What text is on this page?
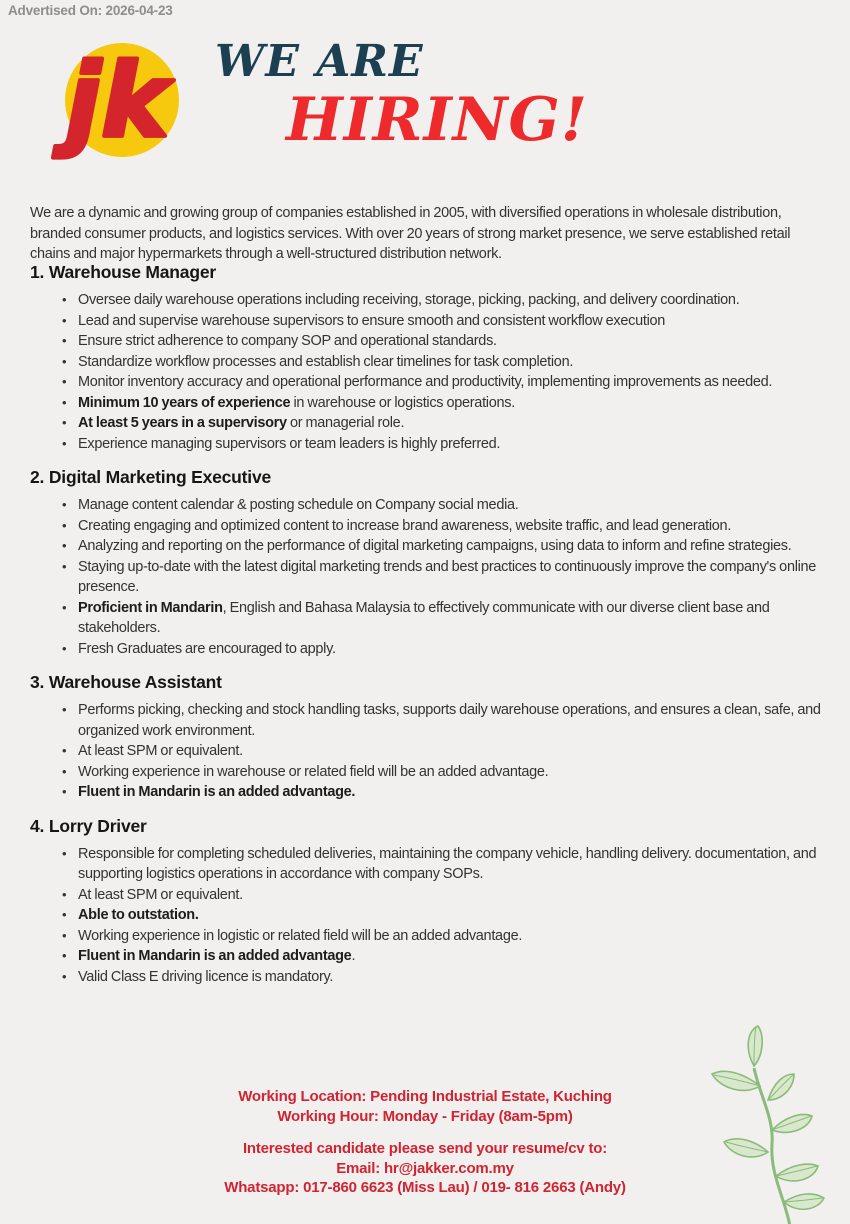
Advertised On: 2026-04-23
jk WE ARE
HIRING!

We are a dynamic and growing group of companies established in 2005, with diversified operations in wholesale distribution, branded consumer products, and logistics services. With over 20 years of strong market presence, we serve established retail chains and major hypermarkets through a well-structured distribution network.

1. Warehouse Manager
• Oversee daily warehouse operations including receiving, storage, picking, packing, and delivery coordination.
• Lead and supervise warehouse supervisors to ensure smooth and consistent workflow execution
• Ensure strict adherence to company SOP and operational standards.
• Standardize workflow processes and establish clear timelines for task completion.
• Monitor inventory accuracy and operational performance and productivity, implementing improvements as needed.
• Minimum 10 years of experience in warehouse or logistics operations.
• At least 5 years in a supervisory or managerial role.
• Experience managing supervisors or team leaders is highly preferred.
2. Digital Marketing Executive
• Manage content calendar & posting schedule on Company social media.
• Creating engaging and optimized content to increase brand awareness, website traffic, and lead generation.
• Analyzing and reporting on the performance of digital marketing campaigns, using data to inform and refine strategies.
• Staying up-to-date with the latest digital marketing trends and best practices to continuously improve the company's online presence.
• Proficient in Mandarin, English and Bahasa Malaysia to effectively communicate with our diverse client base and stakeholders.
• Fresh Graduates are encouraged to apply.
3. Warehouse Assistant
• Performs picking, checking and stock handling tasks, supports daily warehouse operations, and ensures a clean, safe, and organized work environment.
• At least SPM or equivalent.
• Working experience in warehouse or related field will be an added advantage.
• Fluent in Mandarin is an added advantage.
4. Lorry Driver
• Responsible for completing scheduled deliveries, maintaining the company vehicle, handling delivery. documentation, and supporting logistics operations in accordance with company SOPs.
• At least SPM or equivalent.
• Able to outstation.
• Working experience in logistic or related field will be an added advantage.
• Fluent in Mandarin is an added advantage.
• Valid Class E driving licence is mandatory.

Working Location: Pending Industrial Estate, Kuching

Working Hour: Monday - Friday (8am-5pm)

Interested candidate please send your resume/cv to:

Email: hr@jakker.com.my

Whatsapp: 017-860 6623 (Miss Lau) / 019- 816 2663 (Andy)
